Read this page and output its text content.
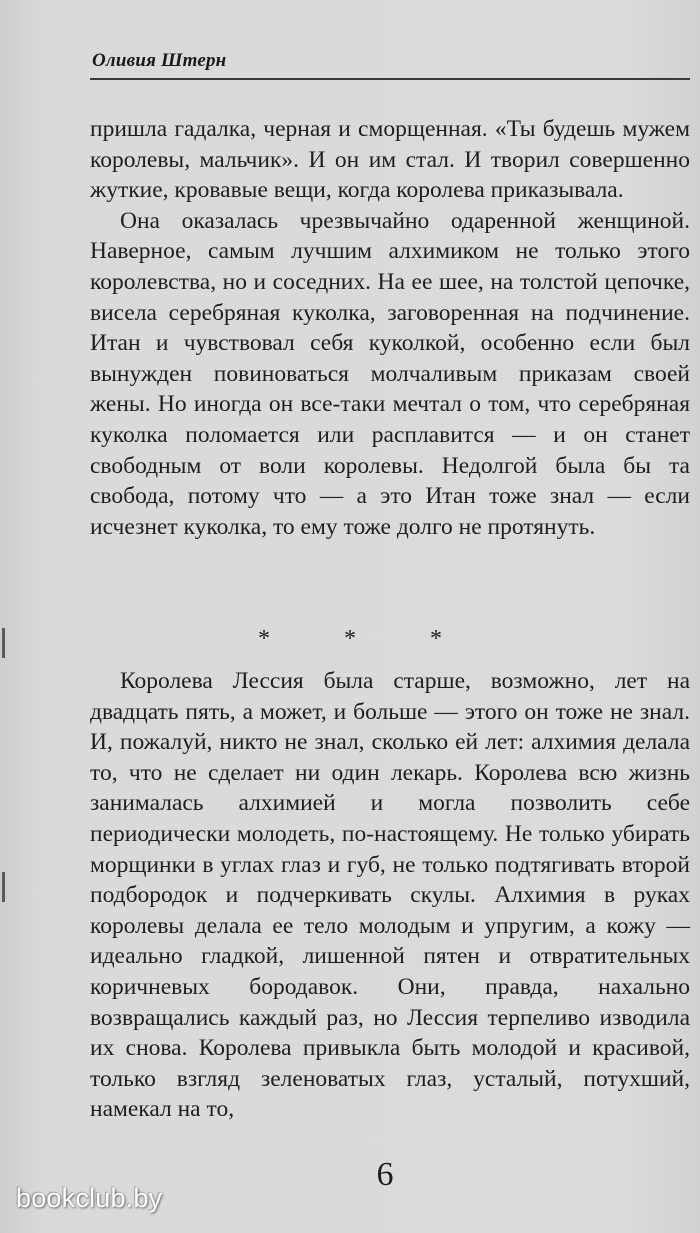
Оливия Штерн

пришла гадалка, черная и сморщенная. «Ты будешь мужем королевы, мальчик». И он им стал. И творил совершенно жуткие, кровавые вещи, когда королева приказывала.

Она оказалась чрезвычайно одаренной женщиной. Наверное, самым лучшим алхимиком не только этого королевства, но и соседних. На ее шее, на толстой цепочке, висела серебряная куколка, заговоренная на подчинение. Итан и чувствовал себя куколкой, особенно если был вынужден повиноваться молчаливым приказам своей жены. Но иногда он все-таки мечтал о том, что серебряная куколка поломается или расплавится — и он станет свободным от воли королевы. Недолгой была бы та свобода, потому что — а это Итан тоже знал — если исчезнет куколка, то ему тоже долго не протянуть.

* * *

Королева Лессия была старше, возможно, лет на двадцать пять, а может, и больше — этого он тоже не знал. И, пожалуй, никто не знал, сколько ей лет: алхимия делала то, что не сделает ни один лекарь. Королева всю жизнь занималась алхимией и могла позволить себе периодически молодеть, по-настоящему. Не только убирать морщинки в углах глаз и губ, не только подтягивать второй подбородок и подчеркивать скулы. Алхимия в руках королевы делала ее тело молодым и упругим, а кожу — идеально гладкой, лишенной пятен и отвратительных коричневых бородавок. Они, правда, нахально возвращались каждый раз, но Лессия терпеливо изводила их снова. Королева привыкла быть молодой и красивой, только взгляд зеленоватых глаз, усталый, потухший, намекал на то,

6
bookclub.by
